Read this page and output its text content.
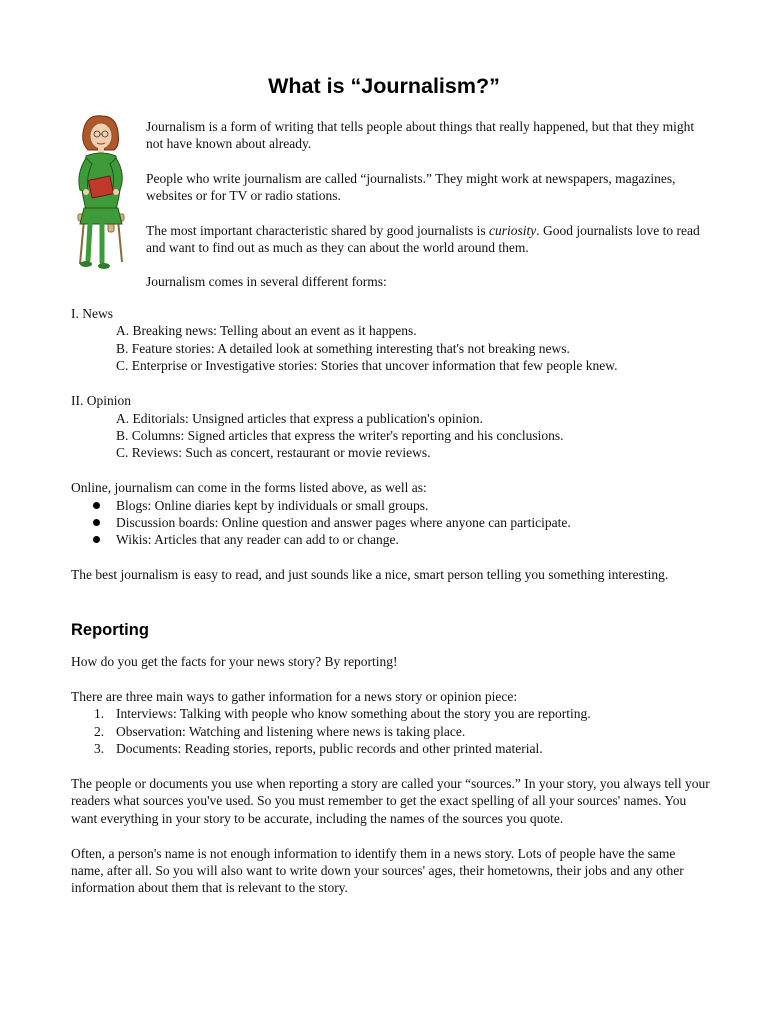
What is “Journalism?”

Journalism is a form of writing that tells people about things that really happened, but that they might not have known about already.

People who write journalism are called “journalists.” They might work at newspapers, magazines, websites or for TV or radio stations.

The most important characteristic shared by good journalists is curiosity. Good journalists love to read and want to find out as much as they can about the world around them.

Journalism comes in several different forms:

I. News

A. Breaking news: Telling about an event as it happens.

B. Feature stories: A detailed look at something interesting that's not breaking news.

C. Enterprise or Investigative stories: Stories that uncover information that few people knew.

II. Opinion

A. Editorials: Unsigned articles that express a publication's opinion.

B. Columns: Signed articles that express the writer's reporting and his conclusions.

C. Reviews: Such as concert, restaurant or movie reviews.

Online, journalism can come in the forms listed above, as well as:

Blogs: Online diaries kept by individuals or small groups.

Discussion boards: Online question and answer pages where anyone can participate.

Wikis: Articles that any reader can add to or change.

The best journalism is easy to read, and just sounds like a nice, smart person telling you something interesting.

Reporting

How do you get the facts for your news story? By reporting!

There are three main ways to gather information for a news story or opinion piece:

1. Interviews: Talking with people who know something about the story you are reporting.

2. Observation: Watching and listening where news is taking place.

3. Documents: Reading stories, reports, public records and other printed material.

The people or documents you use when reporting a story are called your “sources.” In your story, you always tell your readers what sources you've used. So you must remember to get the exact spelling of all your sources' names. You want everything in your story to be accurate, including the names of the sources you quote.

Often, a person's name is not enough information to identify them in a news story. Lots of people have the same name, after all. So you will also want to write down your sources' ages, their hometowns, their jobs and any other information about them that is relevant to the story.
